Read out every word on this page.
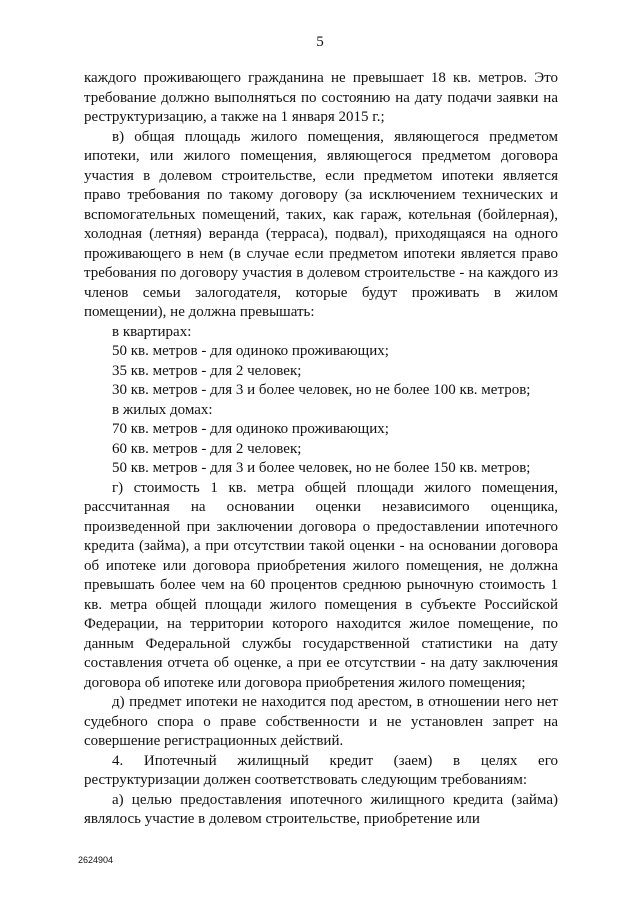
5

каждого проживающего гражданина не превышает 18 кв. метров. Это требование должно выполняться по состоянию на дату подачи заявки на реструктуризацию, а также на 1 января 2015 г.;

в) общая площадь жилого помещения, являющегося предметом ипотеки, или жилого помещения, являющегося предметом договора участия в долевом строительстве, если предметом ипотеки является право требования по такому договору (за исключением технических и вспомогательных помещений, таких, как гараж, котельная (бойлерная), холодная (летняя) веранда (терраса), подвал), приходящаяся на одного проживающего в нем (в случае если предметом ипотеки является право требования по договору участия в долевом строительстве - на каждого из членов семьи залогодателя, которые будут проживать в жилом помещении), не должна превышать:

в квартирах:

50 кв. метров - для одиноко проживающих;

35 кв. метров - для 2 человек;

30 кв. метров - для 3 и более человек, но не более 100 кв. метров;

в жилых домах:

70 кв. метров - для одиноко проживающих;

60 кв. метров - для 2 человек;

50 кв. метров - для 3 и более человек, но не более 150 кв. метров;

г) стоимость 1 кв. метра общей площади жилого помещения, рассчитанная на основании оценки независимого оценщика, произведенной при заключении договора о предоставлении ипотечного кредита (займа), а при отсутствии такой оценки - на основании договора об ипотеке или договора приобретения жилого помещения, не должна превышать более чем на 60 процентов среднюю рыночную стоимость 1 кв. метра общей площади жилого помещения в субъекте Российской Федерации, на территории которого находится жилое помещение, по данным Федеральной службы государственной статистики на дату составления отчета об оценке, а при ее отсутствии - на дату заключения договора об ипотеке или договора приобретения жилого помещения;

д) предмет ипотеки не находится под арестом, в отношении него нет судебного спора о праве собственности и не установлен запрет на совершение регистрационных действий.

4. Ипотечный жилищный кредит (заем) в целях его реструктуризации должен соответствовать следующим требованиям:

а) целью предоставления ипотечного жилищного кредита (займа) являлось участие в долевом строительстве, приобретение или

2624904
